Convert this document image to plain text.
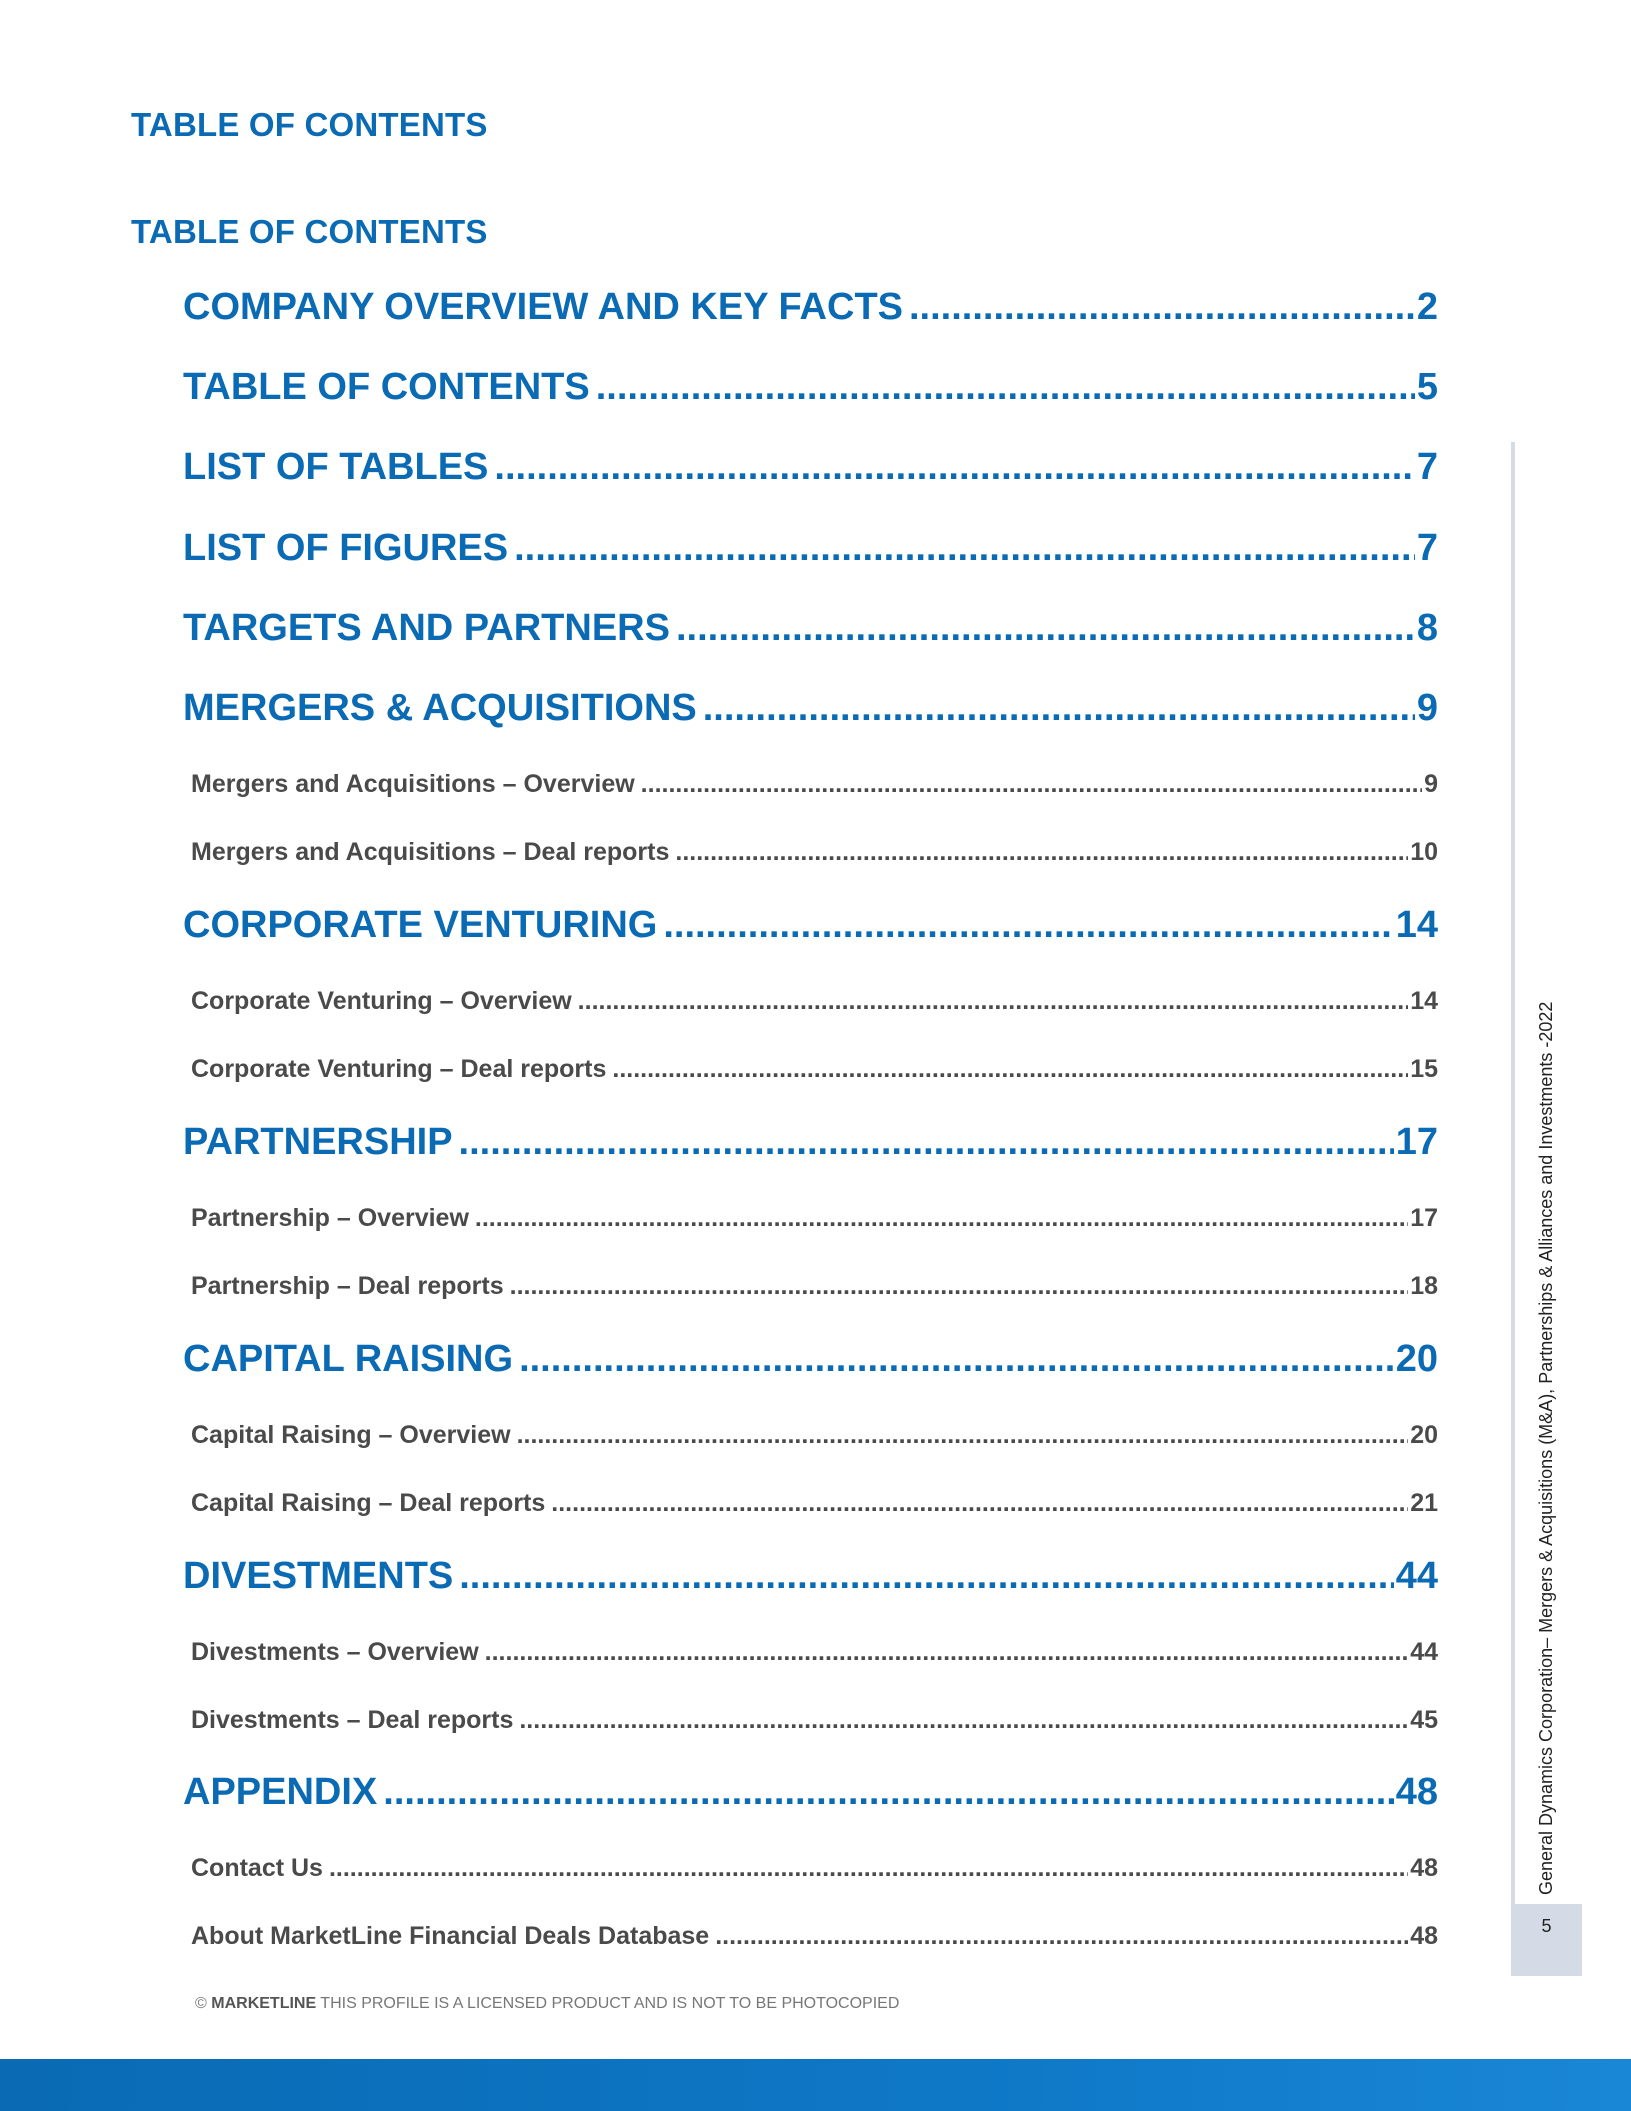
TABLE OF CONTENTS
TABLE OF CONTENTS
COMPANY OVERVIEW AND KEY FACTS .....	2
TABLE OF CONTENTS .....	5
LIST OF TABLES .....	7
LIST OF FIGURES .....	7
TARGETS AND PARTNERS .....	8
MERGERS & ACQUISITIONS .....	9
Mergers and Acquisitions – Overview .....	9
Mergers and Acquisitions – Deal reports .....	10
CORPORATE VENTURING .....	14
Corporate Venturing – Overview .....	14
Corporate Venturing – Deal reports .....	15
PARTNERSHIP .....	17
Partnership – Overview .....	17
Partnership – Deal reports .....	18
CAPITAL RAISING .....	20
Capital Raising – Overview .....	20
Capital Raising – Deal reports .....	21
DIVESTMENTS .....	44
Divestments – Overview .....	44
Divestments – Deal reports .....	45
APPENDIX .....	48
Contact Us .....	48
About MarketLine Financial Deals Database .....	48
General Dynamics Corporation– Mergers & Acquisitions (M&A), Partnerships & Alliances and Investments -2022
5
© MARKETLINE THIS PROFILE IS A LICENSED PRODUCT AND IS NOT TO BE PHOTOCOPIED
